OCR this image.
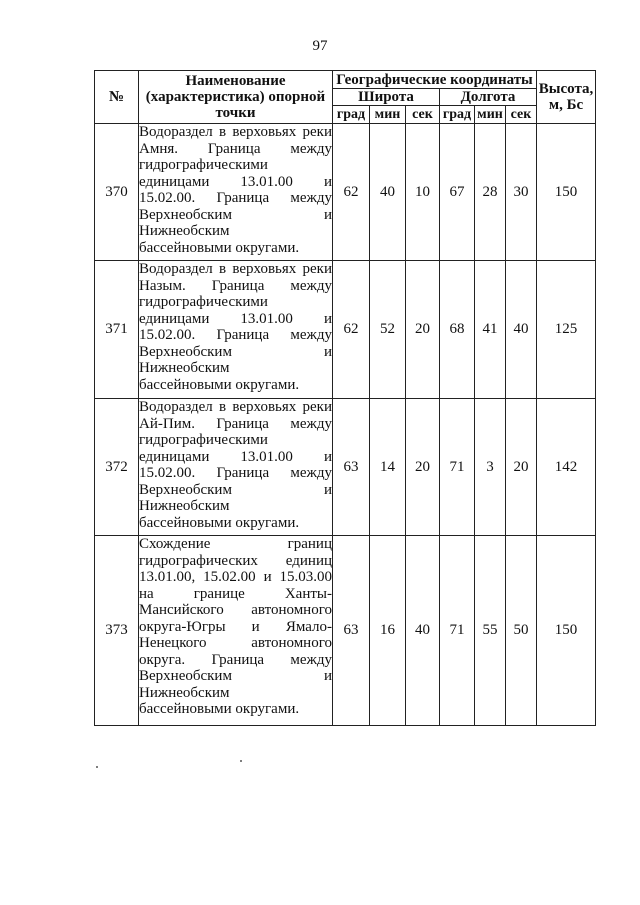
97
№	Наименование (характеристика) опорной точки	Географические координаты						Высота, м, Бс
		Широта			Долгота			
		град	мин	сек	град	мин	сек	
370	Водораздел в верховьях реки Амня. Граница между гидрографическими единицами 13.01.00 и 15.02.00. Граница между Верхнеобским и Нижнеобским
бассейновыми округами.	62	40	10	67	28	30	150
371	Водораздел в верховьях реки Назым. Граница между гидрографическими единицами 13.01.00 и 15.02.00. Граница между Верхнеобским и Нижнеобским
бассейновыми округами.	62	52	20	68	41	40	125
372	Водораздел в верховьях реки Ай-Пим. Граница между гидрографическими единицами 13.01.00 и 15.02.00. Граница между Верхнеобским и Нижнеобским
бассейновыми округами.	63	14	20	71	3	20	142
373	Схождение границ гидрографических единиц 13.01.00, 15.02.00 и 15.03.00 на границе Ханты-Мансийского автономного округа-Югры и Ямало-Ненецкого автономного округа. Граница между Верхнеобским и Нижнеобским
бассейновыми округами.	63	16	40	71	55	50	150
